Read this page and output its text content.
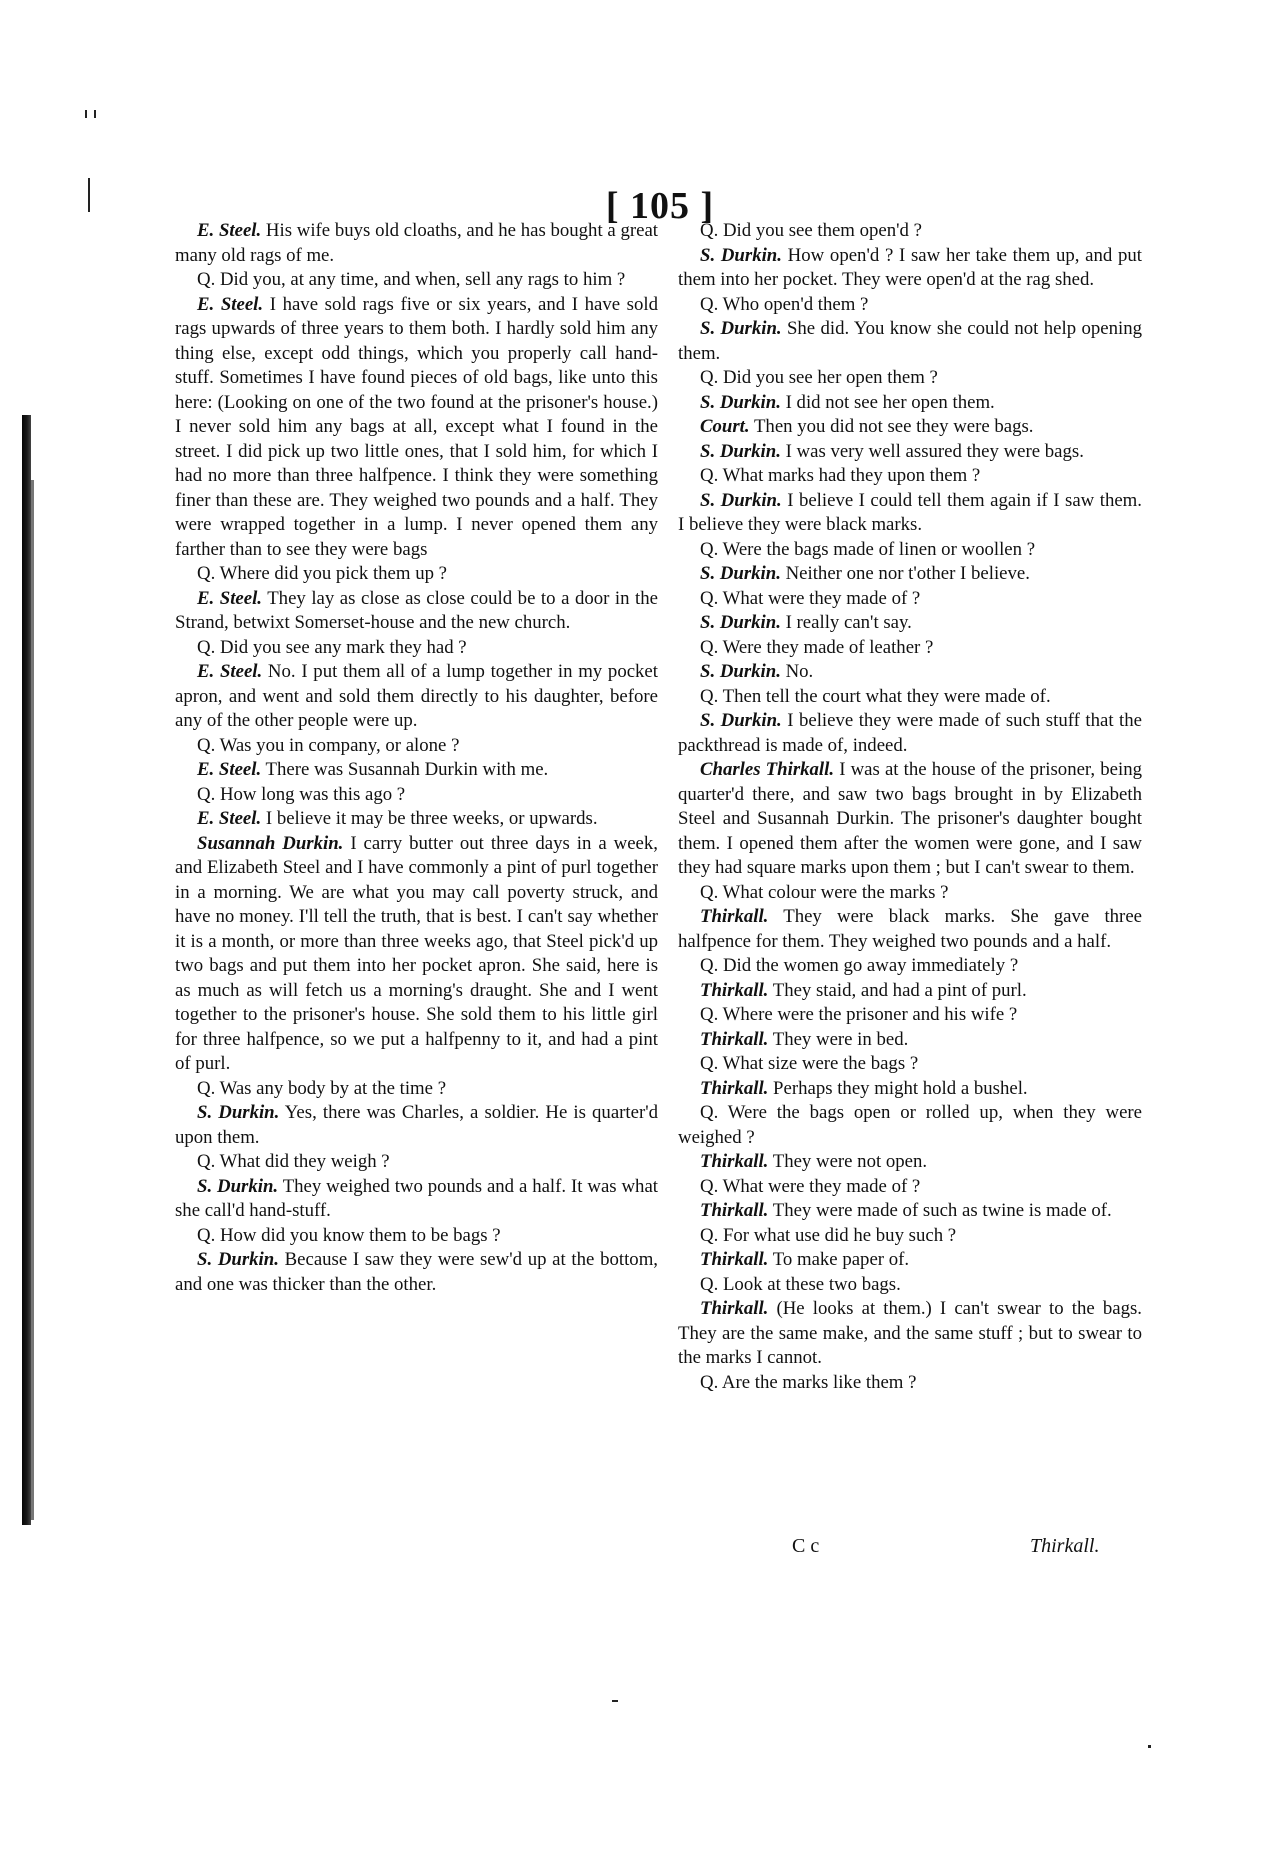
[ 105 ]

E. Steel. His wife buys old cloaths, and he has bought a great many old rags of me.

Q. Did you, at any time, and when, sell any rags to him ?

E. Steel. I have sold rags five or six years, and I have sold rags upwards of three years to them both. I hardly sold him any thing else, except odd things, which you properly call hand-stuff. Sometimes I have found pieces of old bags, like unto this here: (Looking on one of the two found at the prisoner's house.) I never sold him any bags at all, except what I found in the street. I did pick up two little ones, that I sold him, for which I had no more than three halfpence. I think they were something finer than these are. They weighed two pounds and a half. They were wrapped together in a lump. I never opened them any farther than to see they were bags

Q. Where did you pick them up ?

E. Steel. They lay as close as close could be to a door in the Strand, betwixt Somerset-house and the new church.

Q. Did you see any mark they had ?

E. Steel. No. I put them all of a lump together in my pocket apron, and went and sold them directly to his daughter, before any of the other people were up.

Q. Was you in company, or alone ?

E. Steel. There was Susannah Durkin with me.

Q. How long was this ago ?

E. Steel. I believe it may be three weeks, or upwards.

Susannah Durkin. I carry butter out three days in a week, and Elizabeth Steel and I have commonly a pint of purl together in a morning. We are what you may call poverty struck, and have no money. I'll tell the truth, that is best. I can't say whether it is a month, or more than three weeks ago, that Steel pick'd up two bags and put them into her pocket apron. She said, here is as much as will fetch us a morning's draught. She and I went together to the prisoner's house. She sold them to his little girl for three halfpence, so we put a halfpenny to it, and had a pint of purl.

Q. Was any body by at the time ?

S. Durkin. Yes, there was Charles, a soldier. He is quarter'd upon them.

Q. What did they weigh ?

S. Durkin. They weighed two pounds and a half. It was what she call'd hand-stuff.

Q. How did you know them to be bags ?

S. Durkin. Because I saw they were sew'd up at the bottom, and one was thicker than the other.

Q. Did you see them open'd ?

S. Durkin. How open'd ? I saw her take them up, and put them into her pocket. They were open'd at the rag shed.

Q. Who open'd them ?

S. Durkin. She did. You know she could not help opening them.

Q. Did you see her open them ?

S. Durkin. I did not see her open them.

Court. Then you did not see they were bags.

S. Durkin. I was very well assured they were bags.

Q. What marks had they upon them ?

S. Durkin. I believe I could tell them again if I saw them. I believe they were black marks.

Q. Were the bags made of linen or woollen ?

S. Durkin. Neither one nor t'other I believe.

Q. What were they made of ?

S. Durkin. I really can't say.

Q. Were they made of leather ?

S. Durkin. No.

Q. Then tell the court what they were made of.

S. Durkin. I believe they were made of such stuff that the packthread is made of, indeed.

Charles Thirkall. I was at the house of the prisoner, being quarter'd there, and saw two bags brought in by Elizabeth Steel and Susannah Durkin. The prisoner's daughter bought them. I opened them after the women were gone, and I saw they had square marks upon them ; but I can't swear to them.

Q. What colour were the marks ?

Thirkall. They were black marks. She gave three halfpence for them. They weighed two pounds and a half.

Q. Did the women go away immediately ?

Thirkall. They staid, and had a pint of purl.

Q. Where were the prisoner and his wife ?

Thirkall. They were in bed.

Q. What size were the bags ?

Thirkall. Perhaps they might hold a bushel.

Q. Were the bags open or rolled up, when they were weighed ?

Thirkall. They were not open.

Q. What were they made of ?

Thirkall. They were made of such as twine is made of.

Q. For what use did he buy such ?

Thirkall. To make paper of.

Q. Look at these two bags.

Thirkall. (He looks at them.) I can't swear to the bags. They are the same make, and the same stuff ; but to swear to the marks I cannot.

Q. Are the marks like them ?

C c	Thirkall.
